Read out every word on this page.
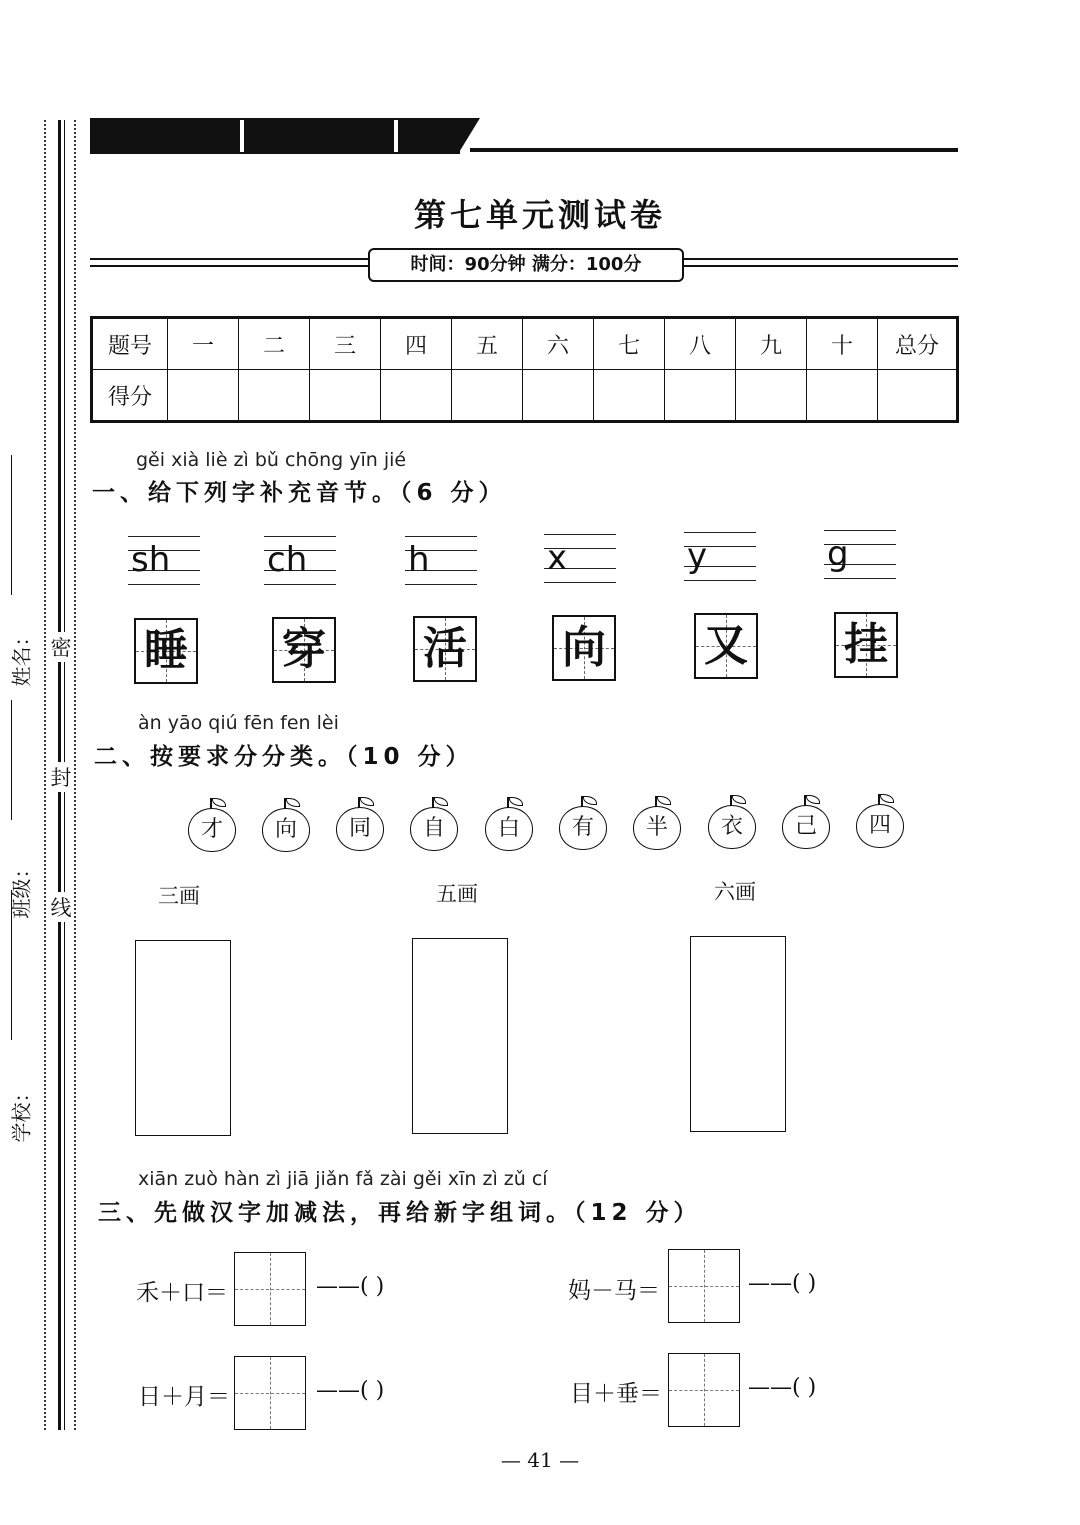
密
封
线
学校：
班级：
姓名：
第七单元测试卷
时间：90分钟 满分：100分
题号	一	二	三	四	五	六	七	八	九	十	总分
得分											
gěi xià liè zì bǔ chōng yīn jié
一、给下列字补充音节。（6 分）
sh	ch	h	x	y	g
睡 穿 活 向 又 挂
àn yāo qiú fēn fen lèi
二、按要求分分类。（10 分）
才	向	同	自	白	有	半	衣	己	四
三画	五画	六画
xiān zuò hàn zì jiā jiǎn fǎ zài gěi xīn zì zǔ cí
三、先做汉字加减法，再给新字组词。（12 分）
禾＋口＝	——( )	妈－马＝	——( )
日＋月＝	——( )	目＋垂＝	——( )
— 41 —
